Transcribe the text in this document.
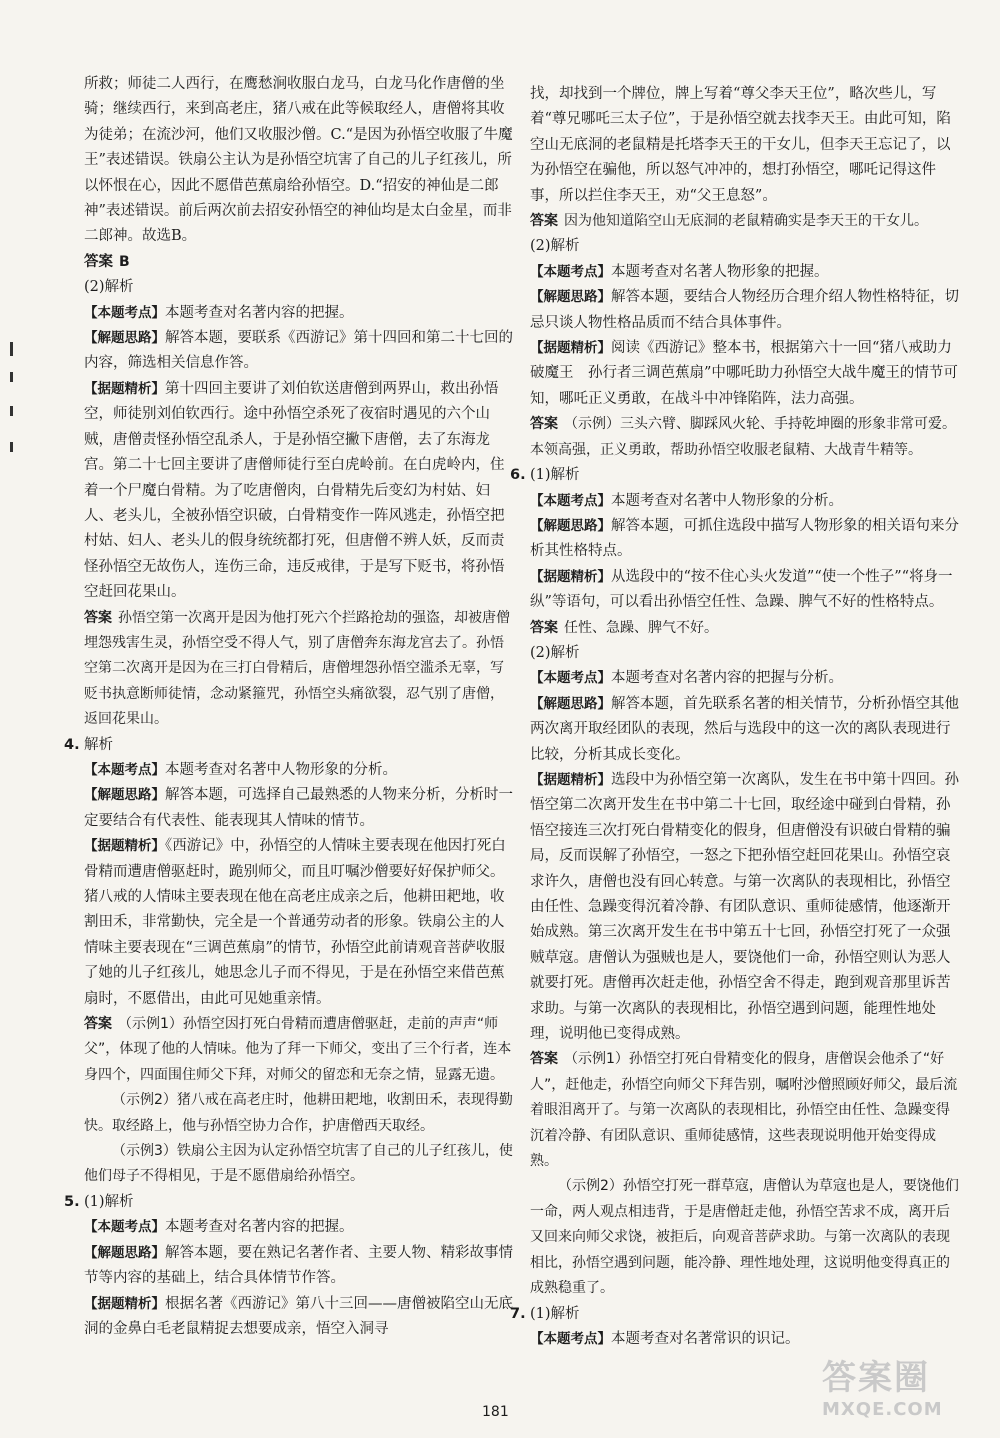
所救；师徒二人西行，在鹰愁涧收服白龙马，白龙马化作唐僧的坐骑；继续西行，来到高老庄，猪八戒在此等候取经人，唐僧将其收为徒弟；在流沙河，他们又收服沙僧。C.“是因为孙悟空收服了牛魔王”表述错误。铁扇公主认为是孙悟空坑害了自己的儿子红孩儿，所以怀恨在心，因此不愿借芭蕉扇给孙悟空。D.“招安的神仙是二郎神”表述错误。前后两次前去招安孙悟空的神仙均是太白金星，而非二郎神。故选B。

答案 B

(2)解析

【本题考点】本题考查对名著内容的把握。

【解题思路】解答本题，要联系《西游记》第十四回和第二十七回的内容，筛选相关信息作答。

【据题精析】第十四回主要讲了刘伯钦送唐僧到两界山，救出孙悟空，师徒别刘伯钦西行。途中孙悟空杀死了夜宿时遇见的六个山贼，唐僧责怪孙悟空乱杀人，于是孙悟空撇下唐僧，去了东海龙宫。第二十七回主要讲了唐僧师徒行至白虎岭前。在白虎岭内，住着一个尸魔白骨精。为了吃唐僧肉，白骨精先后变幻为村姑、妇人、老头儿，全被孙悟空识破，白骨精变作一阵风逃走，孙悟空把村姑、妇人、老头儿的假身统统都打死，但唐僧不辨人妖，反而责怪孙悟空无故伤人，连伤三命，违反戒律，于是写下贬书，将孙悟空赶回花果山。

答案 孙悟空第一次离开是因为他打死六个拦路抢劫的强盗，却被唐僧埋怨残害生灵，孙悟空受不得人气，别了唐僧奔东海龙宫去了。孙悟空第二次离开是因为在三打白骨精后，唐僧埋怨孙悟空滥杀无辜，写贬书执意断师徒情，念动紧箍咒，孙悟空头痛欲裂，忍气别了唐僧，返回花果山。

4. 解析

【本题考点】本题考查对名著中人物形象的分析。

【解题思路】解答本题，可选择自己最熟悉的人物来分析，分析时一定要结合有代表性、能表现其人情味的情节。

【据题精析】《西游记》中，孙悟空的人情味主要表现在他因打死白骨精而遭唐僧驱赶时，跪别师父，而且叮嘱沙僧要好好保护师父。猪八戒的人情味主要表现在他在高老庄成亲之后，他耕田耙地，收割田禾，非常勤快，完全是一个普通劳动者的形象。铁扇公主的人情味主要表现在“三调芭蕉扇”的情节，孙悟空此前请观音菩萨收服了她的儿子红孩儿，她思念儿子而不得见，于是在孙悟空来借芭蕉扇时，不愿借出，由此可见她重亲情。

答案 （示例1）孙悟空因打死白骨精而遭唐僧驱赶，走前的声声“师父”，体现了他的人情味。他为了拜一下师父，变出了三个行者，连本身四个，四面围住师父下拜，对师父的留恋和无奈之情，显露无遗。

（示例2）猪八戒在高老庄时，他耕田耙地，收割田禾，表现得勤快。取经路上，他与孙悟空协力合作，护唐僧西天取经。

（示例3）铁扇公主因为认定孙悟空坑害了自己的儿子红孩儿，使他们母子不得相见，于是不愿借扇给孙悟空。

5. (1)解析

【本题考点】本题考查对名著内容的把握。

【解题思路】解答本题，要在熟记名著作者、主要人物、精彩故事情节等内容的基础上，结合具体情节作答。

【据题精析】根据名著《西游记》第八十三回——唐僧被陷空山无底洞的金鼻白毛老鼠精捉去想要成亲，悟空入洞寻

找，却找到一个牌位，牌上写着“尊父李天王位”，略次些儿，写着“尊兄哪吒三太子位”，于是孙悟空就去找李天王。由此可知，陷空山无底洞的老鼠精是托塔李天王的干女儿，但李天王忘记了，以为孙悟空在骗他，所以怒气冲冲的，想打孙悟空，哪吒记得这件事，所以拦住李天王，劝“父王息怒”。

答案 因为他知道陷空山无底洞的老鼠精确实是李天王的干女儿。

(2)解析

【本题考点】本题考查对名著人物形象的把握。

【解题思路】解答本题，要结合人物经历合理介绍人物性格特征，切忌只谈人物性格品质而不结合具体事件。

【据题精析】阅读《西游记》整本书，根据第六十一回“猪八戒助力破魔王　孙行者三调芭蕉扇”中哪吒助力孙悟空大战牛魔王的情节可知，哪吒正义勇敢，在战斗中冲锋陷阵，法力高强。

答案 （示例）三头六臂、脚踩风火轮、手持乾坤圈的形象非常可爱。本领高强，正义勇敢，帮助孙悟空收服老鼠精、大战青牛精等。

6. (1)解析

【本题考点】本题考查对名著中人物形象的分析。

【解题思路】解答本题，可抓住选段中描写人物形象的相关语句来分析其性格特点。

【据题精析】从选段中的“按不住心头火发道”“使一个性子”“将身一纵”等语句，可以看出孙悟空任性、急躁、脾气不好的性格特点。

答案 任性、急躁、脾气不好。

(2)解析

【本题考点】本题考查对名著内容的把握与分析。

【解题思路】解答本题，首先联系名著的相关情节，分析孙悟空其他两次离开取经团队的表现，然后与选段中的这一次的离队表现进行比较，分析其成长变化。

【据题精析】选段中为孙悟空第一次离队，发生在书中第十四回。孙悟空第二次离开发生在书中第二十七回，取经途中碰到白骨精，孙悟空接连三次打死白骨精变化的假身，但唐僧没有识破白骨精的骗局，反而误解了孙悟空，一怒之下把孙悟空赶回花果山。孙悟空哀求许久，唐僧也没有回心转意。与第一次离队的表现相比，孙悟空由任性、急躁变得沉着冷静、有团队意识、重师徒感情，他逐渐开始成熟。第三次离开发生在书中第五十七回，孙悟空打死了一众强贼草寇。唐僧认为强贼也是人，要饶他们一命，孙悟空则认为恶人就要打死。唐僧再次赶走他，孙悟空舍不得走，跑到观音那里诉苦求助。与第一次离队的表现相比，孙悟空遇到问题，能理性地处理，说明他已变得成熟。

答案 （示例1）孙悟空打死白骨精变化的假身，唐僧误会他杀了“好人”，赶他走，孙悟空向师父下拜告别，嘱咐沙僧照顾好师父，最后流着眼泪离开了。与第一次离队的表现相比，孙悟空由任性、急躁变得沉着冷静、有团队意识、重师徒感情，这些表现说明他开始变得成熟。

（示例2）孙悟空打死一群草寇，唐僧认为草寇也是人，要饶他们一命，两人观点相违背，于是唐僧赶走他，孙悟空苦求不成，离开后又回来向师父求饶，被拒后，向观音菩萨求助。与第一次离队的表现相比，孙悟空遇到问题，能冷静、理性地处理，这说明他变得真正的成熟稳重了。

7. (1)解析

【本题考点】本题考查对名著常识的识记。

181
答案圈
MXQE.COM
